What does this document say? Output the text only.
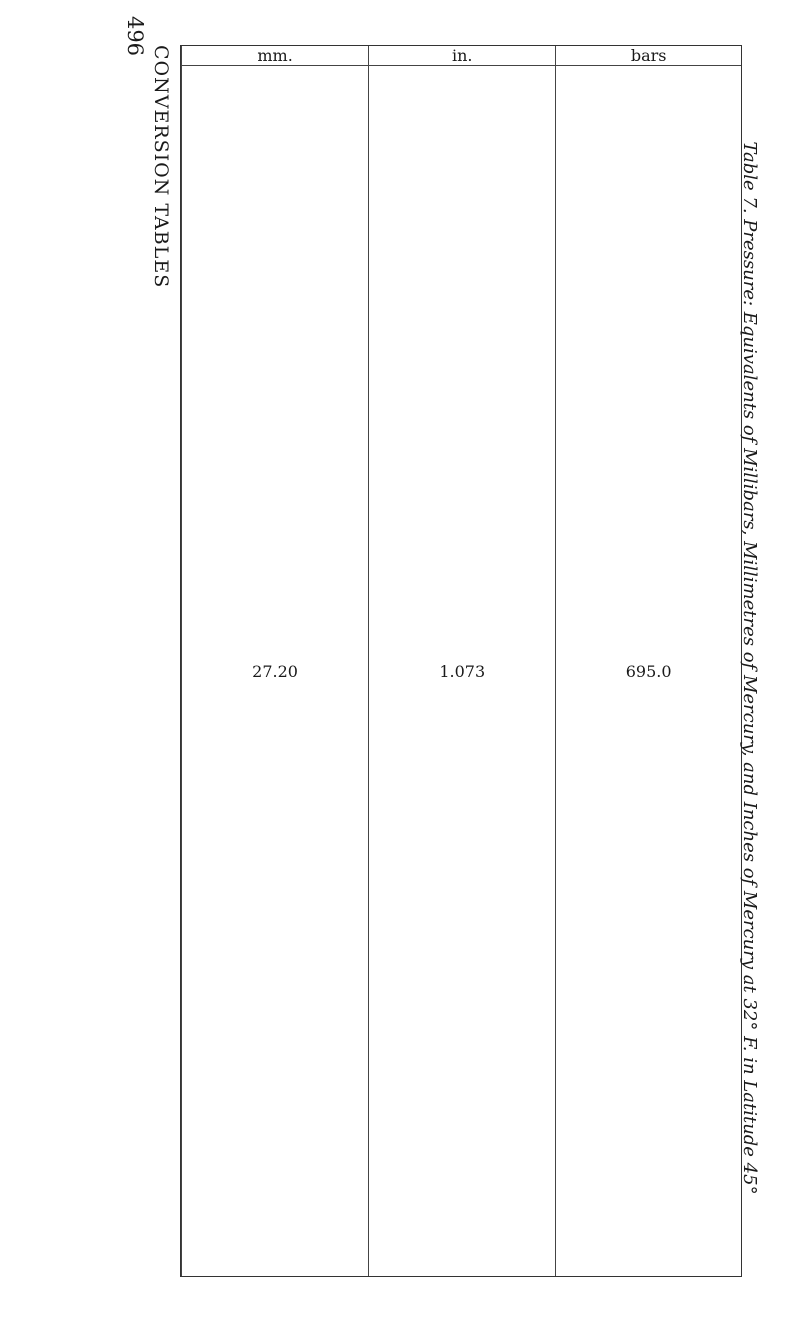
496
CONVERSION TABLES	mm.	in.	bars
27.20	1.073	695.0	Table 7. Pressure: Equivalents of Millibars, Millimetres of Mercury, and Inches of Mercury at 32° F. in Latitude 45°
